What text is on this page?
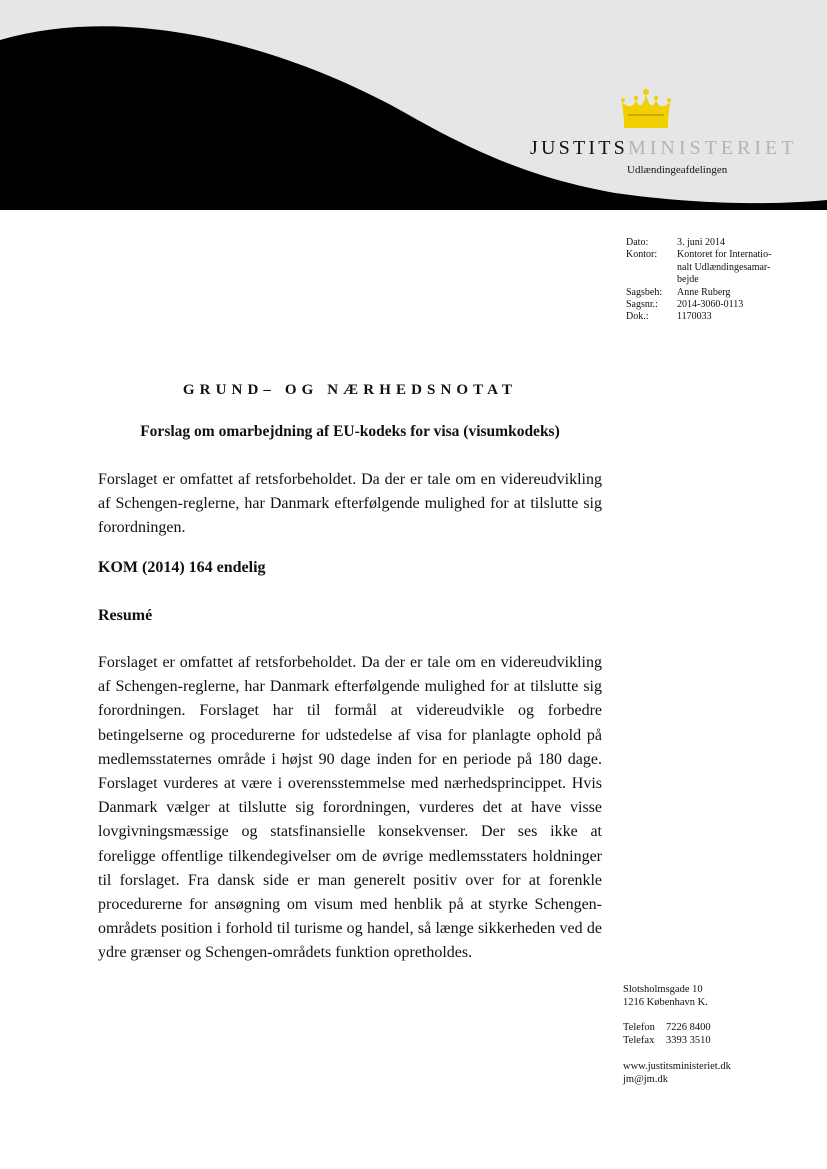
JUSTITSMINISTERIET
Udlændingeafdelingen
Dato:	3. juni 2014
Kontor:	Kontoret for Internatio-
nalt Udlændingesamar-
bejde
Sagsbeh:	Anne Ruberg
Sagsnr.:	2014-3060-0113
Dok.:	1170033
GRUND– OG NÆRHEDSNOTAT
Forslag om omarbejdning af EU-kodeks for visa (visumkodeks)

Forslaget er omfattet af retsforbeholdet. Da der er tale om en videreudvikling af Schengen-reglerne, har Danmark efterfølgende mulighed for at tilslutte sig forordningen.

KOM (2014) 164 endelig
Resumé

Forslaget er omfattet af retsforbeholdet. Da der er tale om en videreudvikling af Schengen-reglerne, har Danmark efterfølgende mulighed for at tilslutte sig forordningen. Forslaget har til formål at videreudvikle og forbedre betingelserne og procedurerne for udstedelse af visa for planlagte ophold på medlemsstaternes område i højst 90 dage inden for en periode på 180 dage. Forslaget vurderes at være i overensstemmelse med nærhedsprincippet. Hvis Danmark vælger at tilslutte sig forordningen, vurderes det at have visse lovgivningsmæssige og statsfinansielle konsekvenser. Der ses ikke at foreligge offentlige tilkendegivelser om de øvrige medlemsstaters holdninger til forslaget. Fra dansk side er man generelt positiv over for at forenkle procedurerne for ansøgning om visum med henblik på at styrke Schengen-områdets position i forhold til turisme og handel, så længe sikkerheden ved de ydre grænser og Schengen-områdets funktion opretholdes.

Slotsholmsgade 10
1216 København K.
Telefon	7226 8400
Telefax	3393 3510
www.justitsministeriet.dk
jm@jm.dk
